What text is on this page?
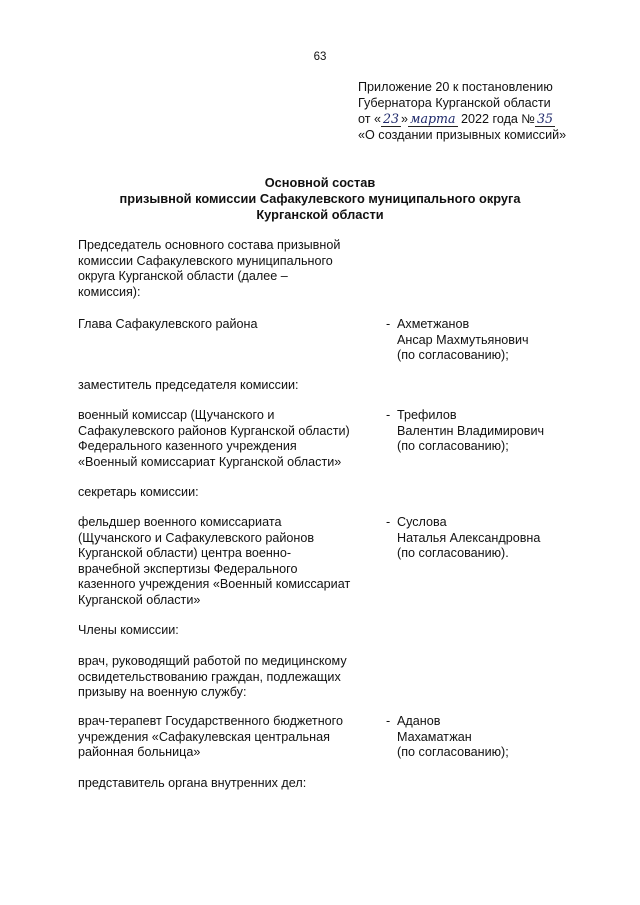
63
Приложение 20 к постановлению
Губернатора Курганской области
от « 23 » марта 2022 года № 35
«О создании призывных комиссий»
Основной состав
призывной комиссии Сафакулевского муниципального округа
Курганской области
Председатель основного состава призывной
комиссии Сафакулевского муниципального
округа Курганской области (далее –
комиссия):
Глава Сафакулевского района	- Ахметжанов
Ансар Махмутьянович
(по согласованию);
заместитель председателя комиссии:
военный комиссар (Щучанского и
Сафакулевского районов Курганской области)
Федерального казенного учреждения
«Военный комиссариат Курганской области»
- Трефилов
Валентин Владимирович
(по согласованию);
секретарь комиссии:
фельдшер военного комиссариата
(Щучанского и Сафакулевского районов
Курганской области) центра военно-
врачебной экспертизы Федерального
казенного учреждения «Военный комиссариат
Курганской области»
- Суслова
Наталья Александровна
(по согласованию).
Члены комиссии:
врач, руководящий работой по медицинскому
освидетельствованию граждан, подлежащих
призыву на военную службу:
врач-терапевт Государственного бюджетного
учреждения «Сафакулевская центральная
районная больница»
- Аданов
Махаматжан
(по согласованию);
представитель органа внутренних дел:
